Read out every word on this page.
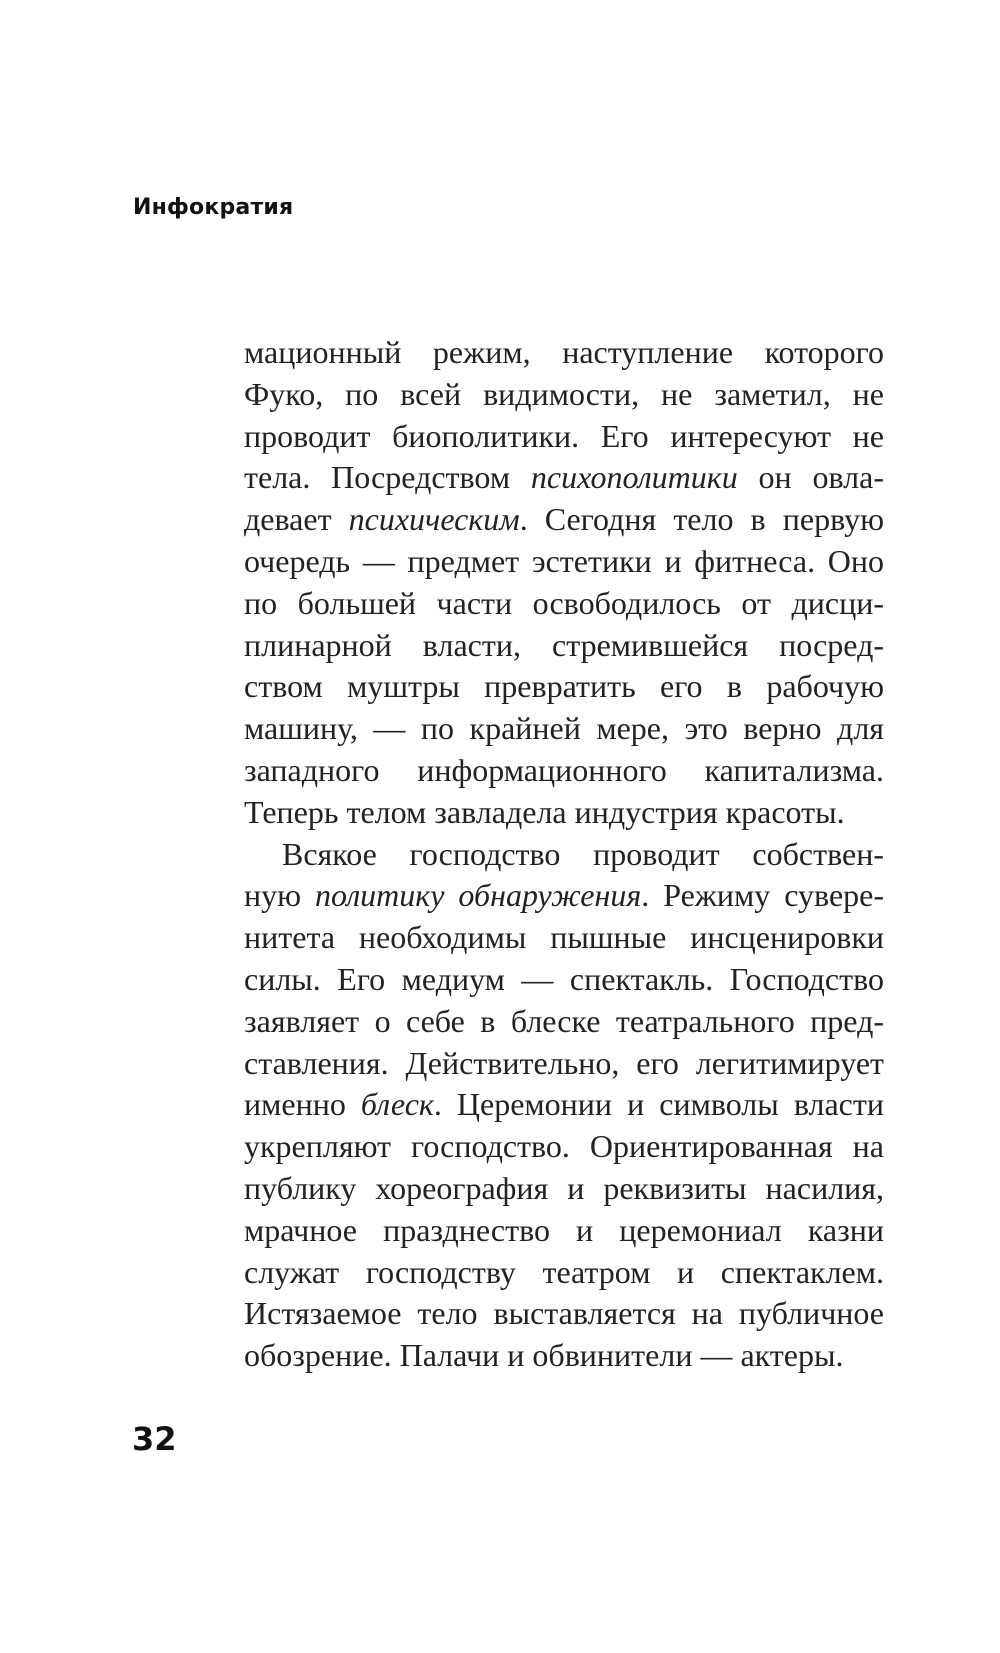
Инфократия
мационный режим, наступление которого
Фуко, по всей видимости, не заметил, не
проводит биополитики. Его интересуют не
тела. Посредством психополитики он овла-
девает психическим. Сегодня тело в первую
очередь — предмет эстетики и фитнеса. Оно
по большей части освободилось от дисци-
плинарной власти, стремившейся посред-
ством муштры превратить его в рабочую
машину, — по крайней мере, это верно для
западного информационного капитализма.
Теперь телом завладела индустрия красоты.
Всякое господство проводит собствен-
ную политику обнаружения. Режиму сувере-
нитета необходимы пышные инсценировки
силы. Его медиум — спектакль. Господство
заявляет о себе в блеске театрального пред-
ставления. Действительно, его легитимирует
именно блеск. Церемонии и символы власти
укрепляют господство. Ориентированная на
публику хореография и реквизиты насилия,
мрачное празднество и церемониал казни
служат господству театром и спектаклем.
Истязаемое тело выставляется на публичное
обозрение. Палачи и обвинители — актеры.
32
